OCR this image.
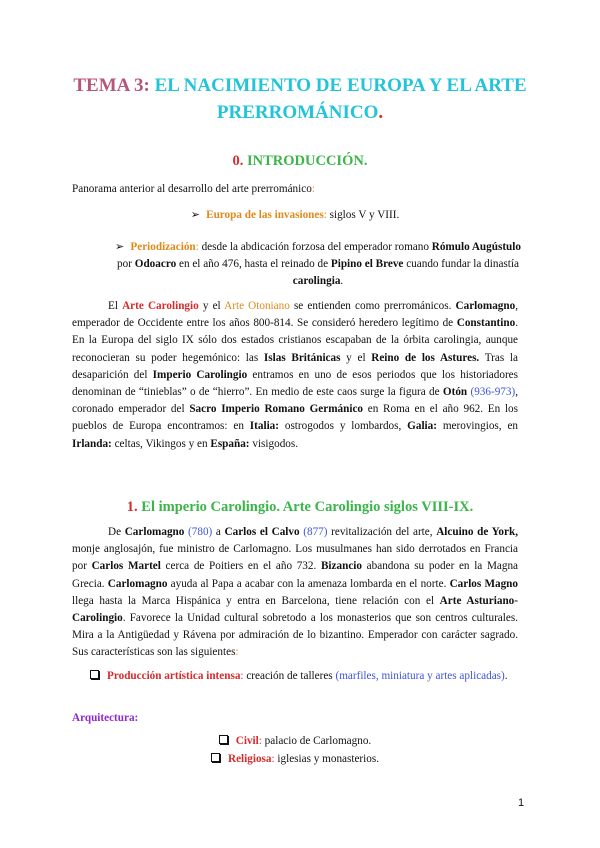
TEMA 3: EL NACIMIENTO DE EUROPA Y EL ARTE
PRERROMÁNICO.
0. INTRODUCCIÓN.
Panorama anterior al desarrollo del arte prerrománico:
➢ Europa de las invasiones: siglos V y VIII.
➢ Periodización: desde la abdicación forzosa del emperador romano Rómulo Augústulo por Odoacro en el año 476, hasta el reinado de Pipino el Breve cuando fundar la dinastía carolingia.
El Arte Carolingio y el Arte Otoniano se entienden como prerrománicos. Carlomagno, emperador de Occidente entre los años 800-814. Se consideró heredero legítimo de Constantino. En la Europa del siglo IX sólo dos estados cristianos escapaban de la órbita carolingia, aunque reconocieran su poder hegemónico: las Islas Británicas y el Reino de los Astures. Tras la desaparición del Imperio Carolingio entramos en uno de esos periodos que los historiadores denominan de “tinieblas” o de “hierro”. En medio de este caos surge la figura de Otón (936-973), coronado emperador del Sacro Imperio Romano Germánico en Roma en el año 962. En los pueblos de Europa encontramos: en Italia: ostrogodos y lombardos, Galia: merovingios, en Irlanda: celtas, Vikingos y en España: visigodos.
1. El imperio Carolingio. Arte Carolingio siglos VIII-IX.
De Carlomagno (780) a Carlos el Calvo (877) revitalización del arte, Alcuino de York, monje anglosajón, fue ministro de Carlomagno. Los musulmanes han sido derrotados en Francia por Carlos Martel cerca de Poitiers en el año 732. Bizancio abandona su poder en la Magna Grecia. Carlomagno ayuda al Papa a acabar con la amenaza lombarda en el norte. Carlos Magno llega hasta la Marca Hispánica y entra en Barcelona, tiene relación con el Arte Asturiano-Carolingio. Favorece la Unidad cultural sobretodo a los monasterios que son centros culturales. Mira a la Antigüedad y Rávena por admiración de lo bizantino. Emperador con carácter sagrado. Sus características son las siguientes:
Producción artística intensa: creación de talleres (marfiles, miniatura y artes aplicadas).
Arquitectura:
Civil: palacio de Carlomagno.
Religiosa: iglesias y monasterios.
1
